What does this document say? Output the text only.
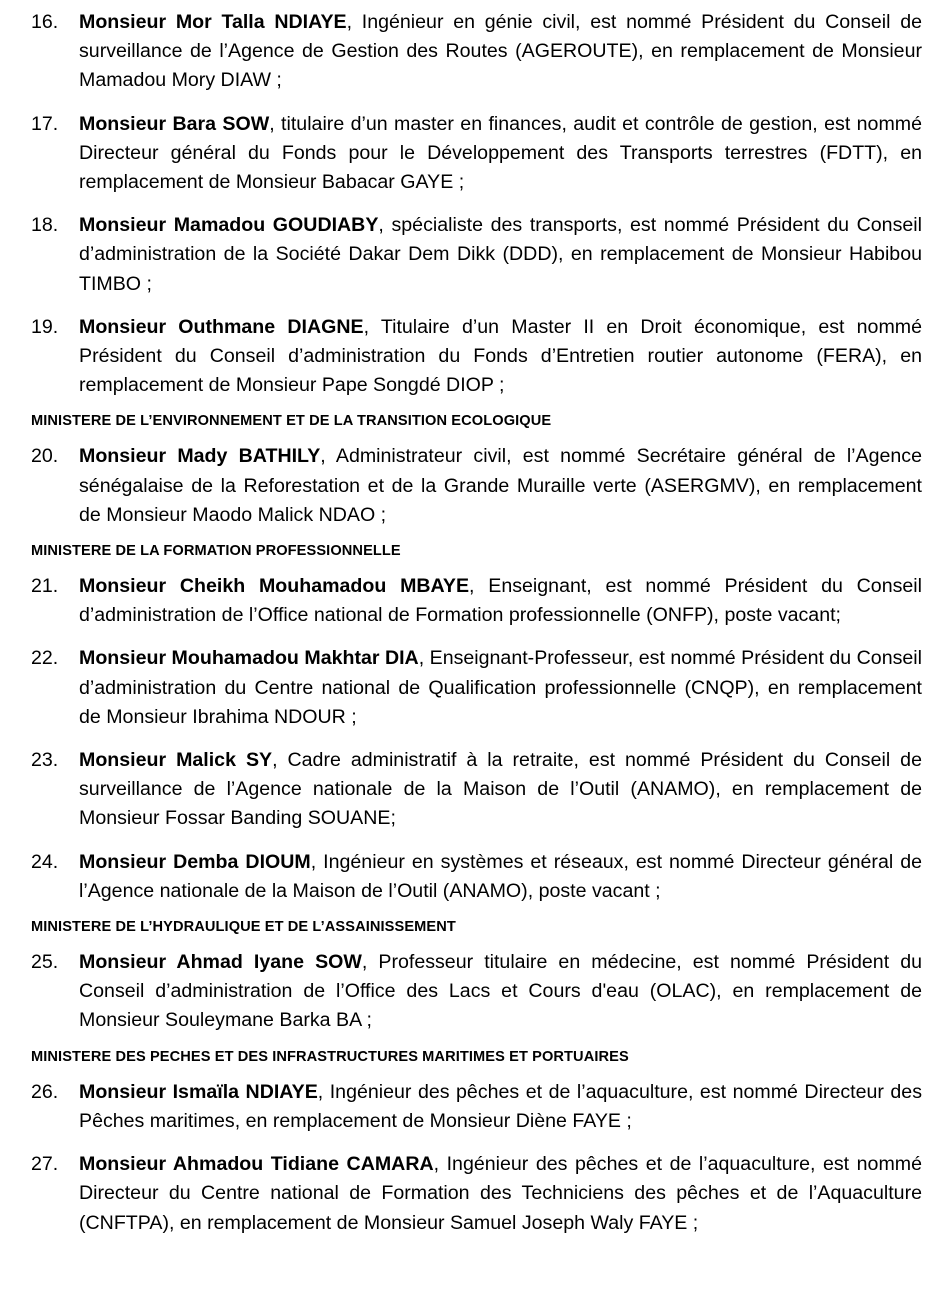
16. Monsieur Mor Talla NDIAYE, Ingénieur en génie civil, est nommé Président du Conseil de surveillance de l’Agence de Gestion des Routes (AGEROUTE), en remplacement de Monsieur Mamadou Mory DIAW ;
17. Monsieur Bara SOW, titulaire d’un master en finances, audit et contrôle de gestion, est nommé Directeur général du Fonds pour le Développement des Transports terrestres (FDTT), en remplacement de Monsieur Babacar GAYE ;
18. Monsieur Mamadou GOUDIABY, spécialiste des transports, est nommé Président du Conseil d’administration de la Société Dakar Dem Dikk (DDD), en remplacement de Monsieur Habibou TIMBO ;
19. Monsieur Outhmane DIAGNE, Titulaire d’un Master II en Droit économique, est nommé Président du Conseil d’administration du Fonds d’Entretien routier autonome (FERA), en remplacement de Monsieur Pape Songdé DIOP ;
MINISTERE DE L’ENVIRONNEMENT ET DE LA TRANSITION ECOLOGIQUE
20. Monsieur Mady BATHILY, Administrateur civil, est nommé Secrétaire général de l’Agence sénégalaise de la Reforestation et de la Grande Muraille verte (ASERGMV), en remplacement de Monsieur Maodo Malick NDAO ;
MINISTERE DE LA FORMATION PROFESSIONNELLE
21. Monsieur Cheikh Mouhamadou MBAYE, Enseignant, est nommé Président du Conseil d’administration de l’Office national de Formation professionnelle (ONFP), poste vacant;
22. Monsieur Mouhamadou Makhtar DIA, Enseignant-Professeur, est nommé Président du Conseil d’administration du Centre national de Qualification professionnelle (CNQP), en remplacement de Monsieur Ibrahima NDOUR ;
23. Monsieur Malick SY, Cadre administratif à la retraite, est nommé Président du Conseil de surveillance de l’Agence nationale de la Maison de l’Outil (ANAMO), en remplacement de Monsieur Fossar Banding SOUANE;
24. Monsieur Demba DIOUM, Ingénieur en systèmes et réseaux, est nommé Directeur général de l’Agence nationale de la Maison de l’Outil (ANAMO), poste vacant ;
MINISTERE DE L’HYDRAULIQUE ET DE L’ASSAINISSEMENT
25. Monsieur Ahmad Iyane SOW, Professeur titulaire en médecine, est nommé Président du Conseil d’administration de l’Office des Lacs et Cours d'eau (OLAC), en remplacement de Monsieur Souleymane Barka BA ;
MINISTERE DES PECHES ET DES INFRASTRUCTURES MARITIMES ET PORTUAIRES
26. Monsieur Ismaïla NDIAYE, Ingénieur des pêches et de l’aquaculture, est nommé Directeur des Pêches maritimes, en remplacement de Monsieur Diène FAYE ;
27. Monsieur Ahmadou Tidiane CAMARA, Ingénieur des pêches et de l’aquaculture, est nommé Directeur du Centre national de Formation des Techniciens des pêches et de l’Aquaculture (CNFTPA), en remplacement de Monsieur Samuel Joseph Waly FAYE ;
